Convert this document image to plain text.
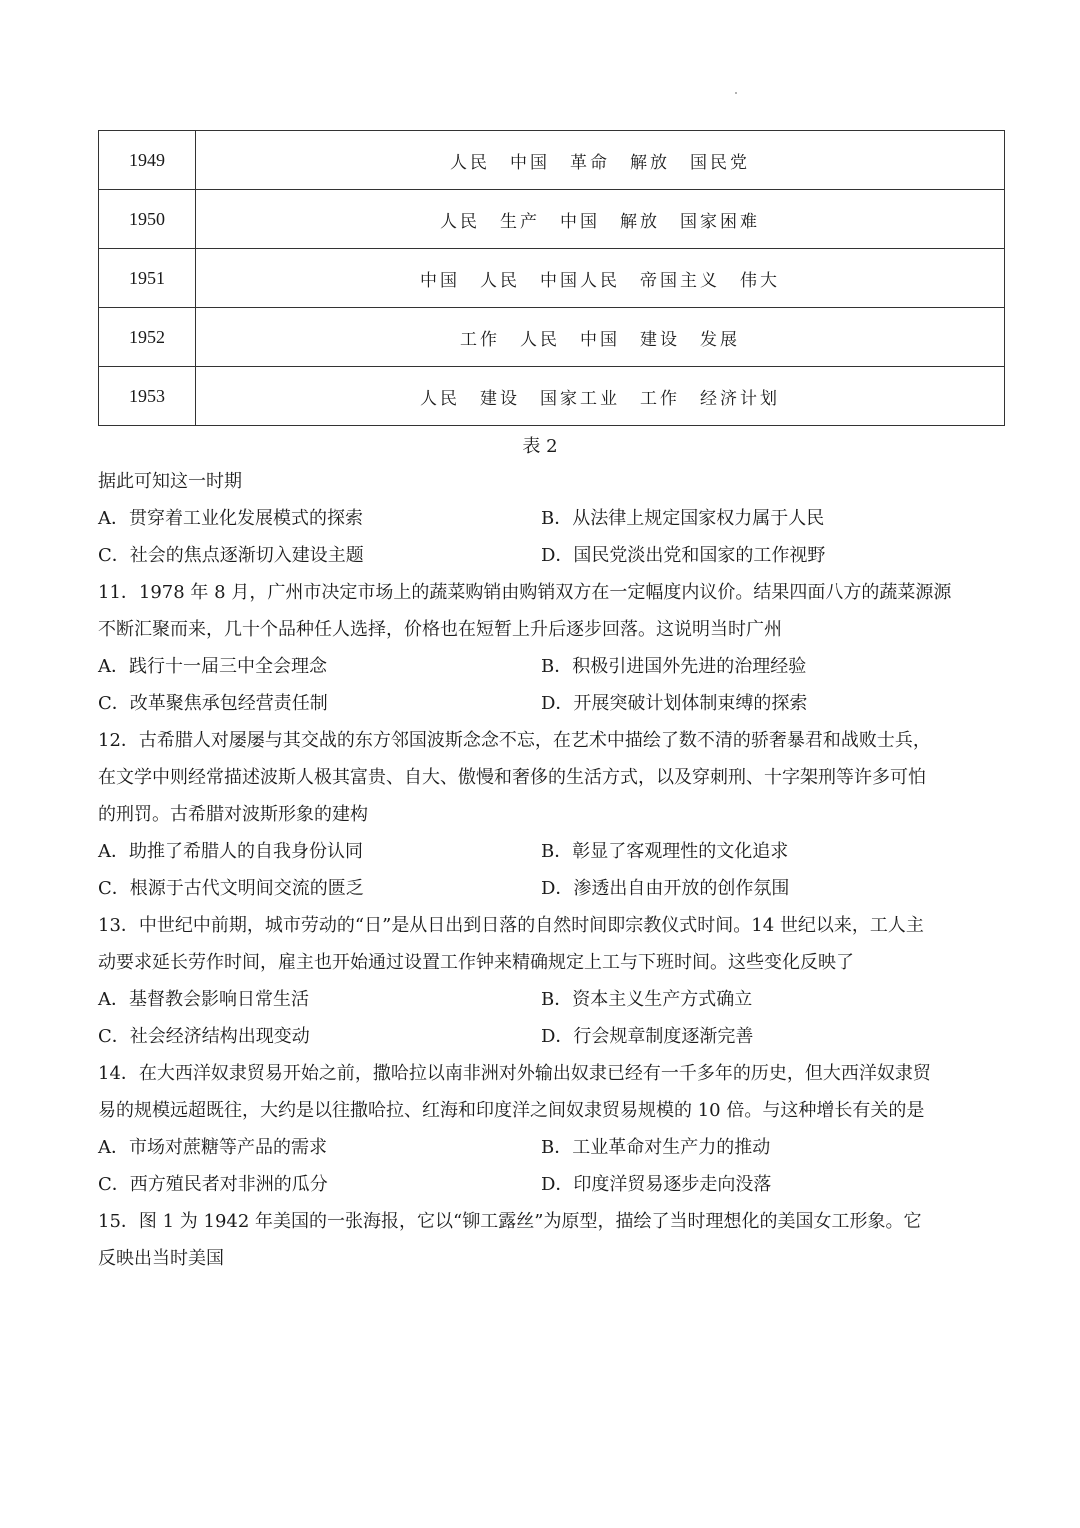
1949	人民　中国　革命　解放　国民党
1950	人民　生产　中国　解放　国家困难
1951	中国　人民　中国人民　帝国主义　伟大
1952	工作　人民　中国　建设　发展
1953	人民　建设　国家工业　工作　经济计划
表 2
据此可知这一时期
A．贯穿着工业化发展模式的探索	B．从法律上规定国家权力属于人民
C．社会的焦点逐渐切入建设主题	D．国民党淡出党和国家的工作视野
11．1978 年 8 月，广州市决定市场上的蔬菜购销由购销双方在一定幅度内议价。结果四面八方的蔬菜源源
不断汇聚而来，几十个品种任人选择，价格也在短暂上升后逐步回落。这说明当时广州
A．践行十一届三中全会理念	B．积极引进国外先进的治理经验
C．改革聚焦承包经营责任制	D．开展突破计划体制束缚的探索
12．古希腊人对屡屡与其交战的东方邻国波斯念念不忘，在艺术中描绘了数不清的骄奢暴君和战败士兵，
在文学中则经常描述波斯人极其富贵、自大、傲慢和奢侈的生活方式，以及穿刺刑、十字架刑等许多可怕
的刑罚。古希腊对波斯形象的建构
A．助推了希腊人的自我身份认同	B．彰显了客观理性的文化追求
C．根源于古代文明间交流的匮乏	D．渗透出自由开放的创作氛围
13．中世纪中前期，城市劳动的“日”是从日出到日落的自然时间即宗教仪式时间。14 世纪以来，工人主
动要求延长劳作时间，雇主也开始通过设置工作钟来精确规定上工与下班时间。这些变化反映了
A．基督教会影响日常生活	B．资本主义生产方式确立
C．社会经济结构出现变动	D．行会规章制度逐渐完善
14．在大西洋奴隶贸易开始之前，撒哈拉以南非洲对外输出奴隶已经有一千多年的历史，但大西洋奴隶贸
易的规模远超既往，大约是以往撒哈拉、红海和印度洋之间奴隶贸易规模的 10 倍。与这种增长有关的是
A．市场对蔗糖等产品的需求	B．工业革命对生产力的推动
C．西方殖民者对非洲的瓜分	D．印度洋贸易逐步走向没落
15．图 1 为 1942 年美国的一张海报，它以“铆工露丝”为原型，描绘了当时理想化的美国女工形象。它
反映出当时美国
